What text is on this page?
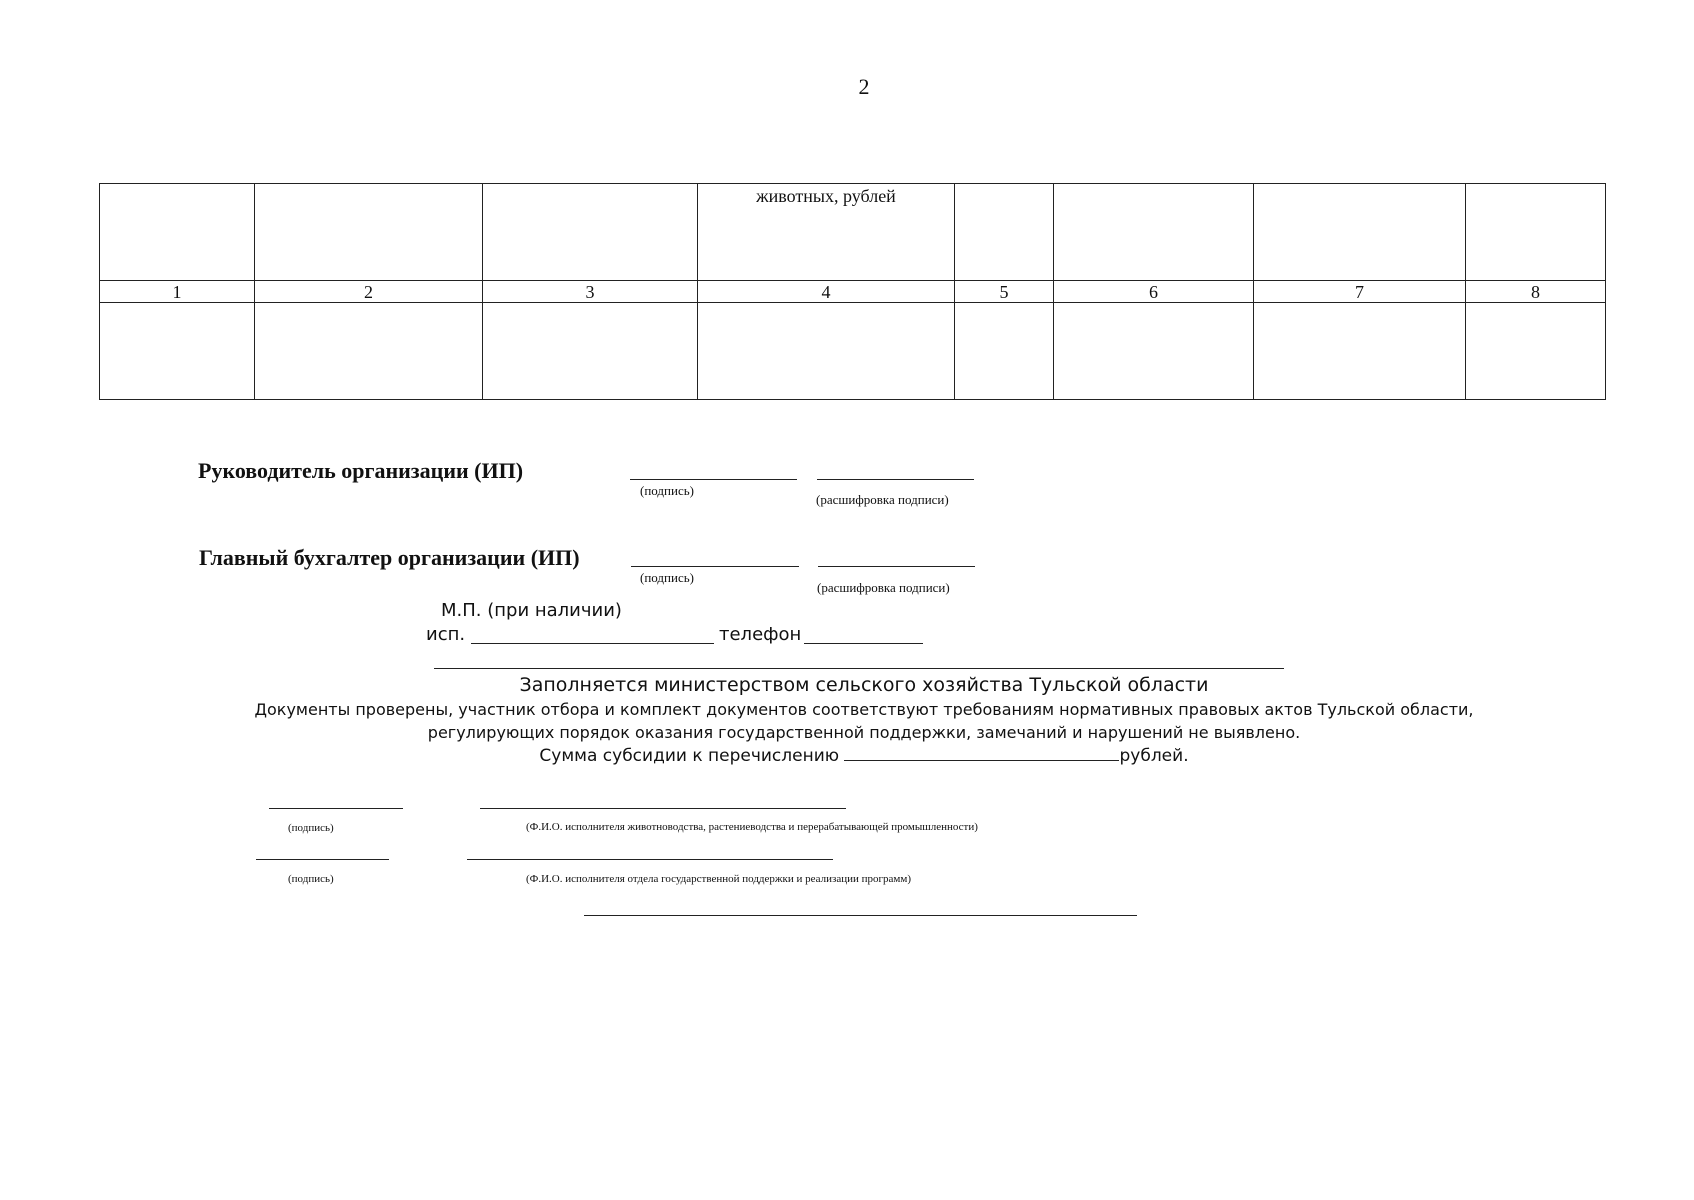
2

			животных, рублей				

1	2	3	4	5	6	7	8

Руководитель организации (ИП)
(подпись)
(расшифровка подписи)
Главный бухгалтер организации (ИП)
(подпись)
(расшифровка подписи)
М.П. (при наличии)
исп.	телефон
Заполняется министерством сельского хозяйства Тульской области
Документы проверены, участник отбора и комплект документов соответствуют требованиям нормативных правовых актов Тульской области,
регулирующих порядок оказания государственной поддержки, замечаний и нарушений не выявлено.
Сумма субсидии к перечислению	рублей.
(подпись)	(Ф.И.О. исполнителя животноводства, растениеводства и перерабатывающей промышленности)
(подпись)	(Ф.И.О. исполнителя отдела государственной поддержки и реализации программ)
